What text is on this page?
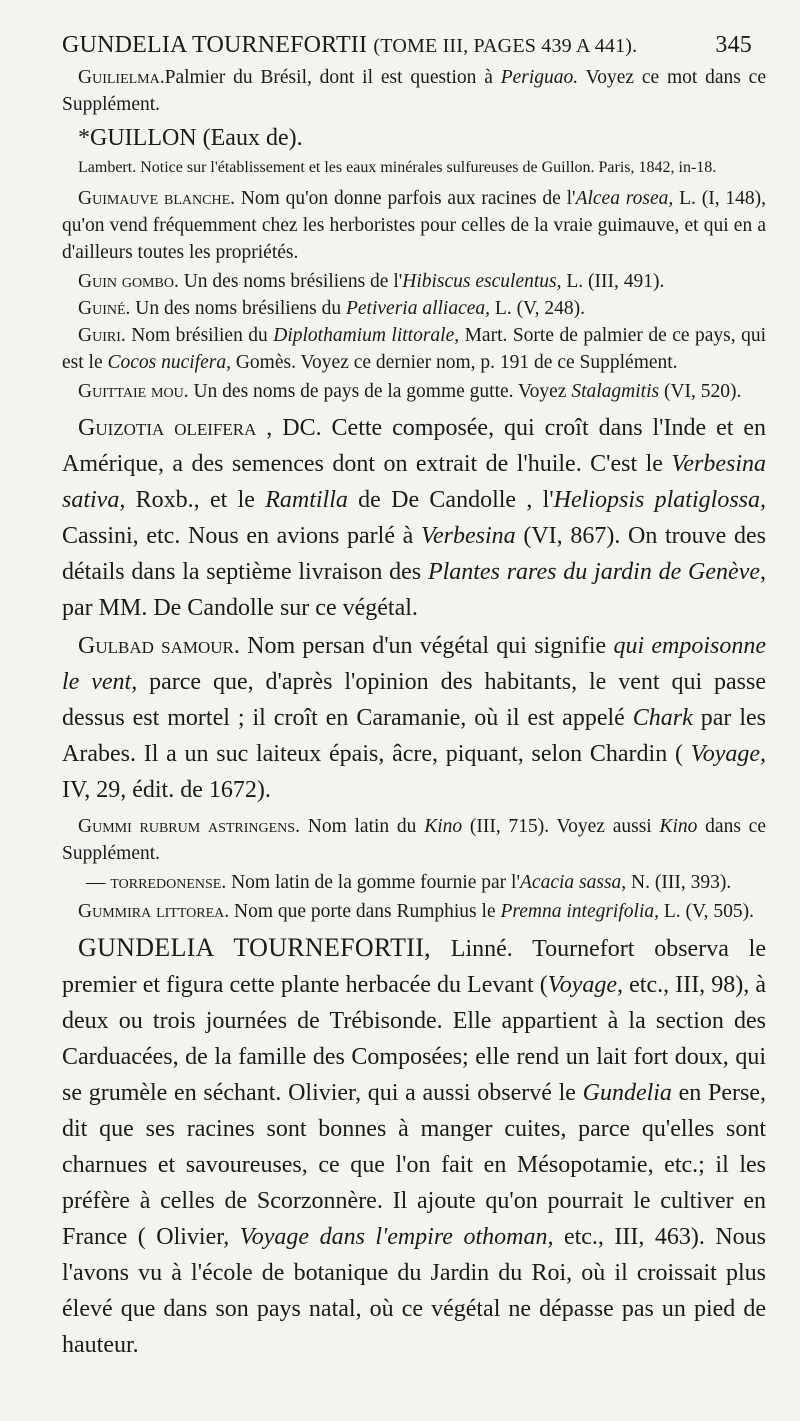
GUNDELIA TOURNEFORTII (TOME III, PAGES 439 A 441).	345

Guilielma.Palmier du Brésil, dont il est question à Periguao. Voyez ce mot dans ce Supplément.

*GUILLON (Eaux de).

Lambert. Notice sur l'établissement et les eaux minérales sulfureuses de Guillon. Paris, 1842, in-18.

Guimauve blanche. Nom qu'on donne parfois aux racines de l'Alcea rosea, L. (I, 148), qu'on vend fréquemment chez les herboristes pour celles de la vraie guimauve, et qui en a d'ailleurs toutes les propriétés.

Guin gombo. Un des noms brésiliens de l'Hibiscus esculentus, L. (III, 491).

Guiné. Un des noms brésiliens du Petiveria alliacea, L. (V, 248).

Guiri. Nom brésilien du Diplothamium littorale, Mart. Sorte de palmier de ce pays, qui est le Cocos nucifera, Gomès. Voyez ce dernier nom, p. 191 de ce Supplément.

Guittaie mou. Un des noms de pays de la gomme gutte. Voyez Stalagmitis (VI, 520).

Guizotia oleifera , DC. Cette composée, qui croît dans l'Inde et en Amérique, a des semences dont on extrait de l'huile. C'est le Verbesina sativa, Roxb., et le Ramtilla de De Candolle , l'Heliopsis platiglossa, Cassini, etc. Nous en avions parlé à Verbesina (VI, 867). On trouve des détails dans la septième livraison des Plantes rares du jardin de Genève, par MM. De Candolle sur ce végétal.

Gulbad samour. Nom persan d'un végétal qui signifie qui empoisonne le vent, parce que, d'après l'opinion des habitants, le vent qui passe dessus est mortel ; il croît en Caramanie, où il est appelé Chark par les Arabes. Il a un suc laiteux épais, âcre, piquant, selon Chardin ( Voyage, IV, 29, édit. de 1672).

Gummi rubrum astringens. Nom latin du Kino (III, 715). Voyez aussi Kino dans ce Supplément.

— torredonense. Nom latin de la gomme fournie par l'Acacia sassa, N. (III, 393).

Gummira littorea. Nom que porte dans Rumphius le Premna integrifolia, L. (V, 505).

GUNDELIA TOURNEFORTII, Linné. Tournefort observa le premier et figura cette plante herbacée du Levant (Voyage, etc., III, 98), à deux ou trois journées de Trébisonde. Elle appartient à la section des Carduacées, de la famille des Composées; elle rend un lait fort doux, qui se grumèle en séchant. Olivier, qui a aussi observé le Gundelia en Perse, dit que ses racines sont bonnes à manger cuites, parce qu'elles sont charnues et savoureuses, ce que l'on fait en Mésopotamie, etc.; il les préfère à celles de Scorzonnère. Il ajoute qu'on pourrait le cultiver en France ( Olivier, Voyage dans l'empire othoman, etc., III, 463). Nous l'avons vu à l'école de botanique du Jardin du Roi, où il croissait plus élevé que dans son pays natal, où ce végétal ne dépasse pas un pied de hauteur.
